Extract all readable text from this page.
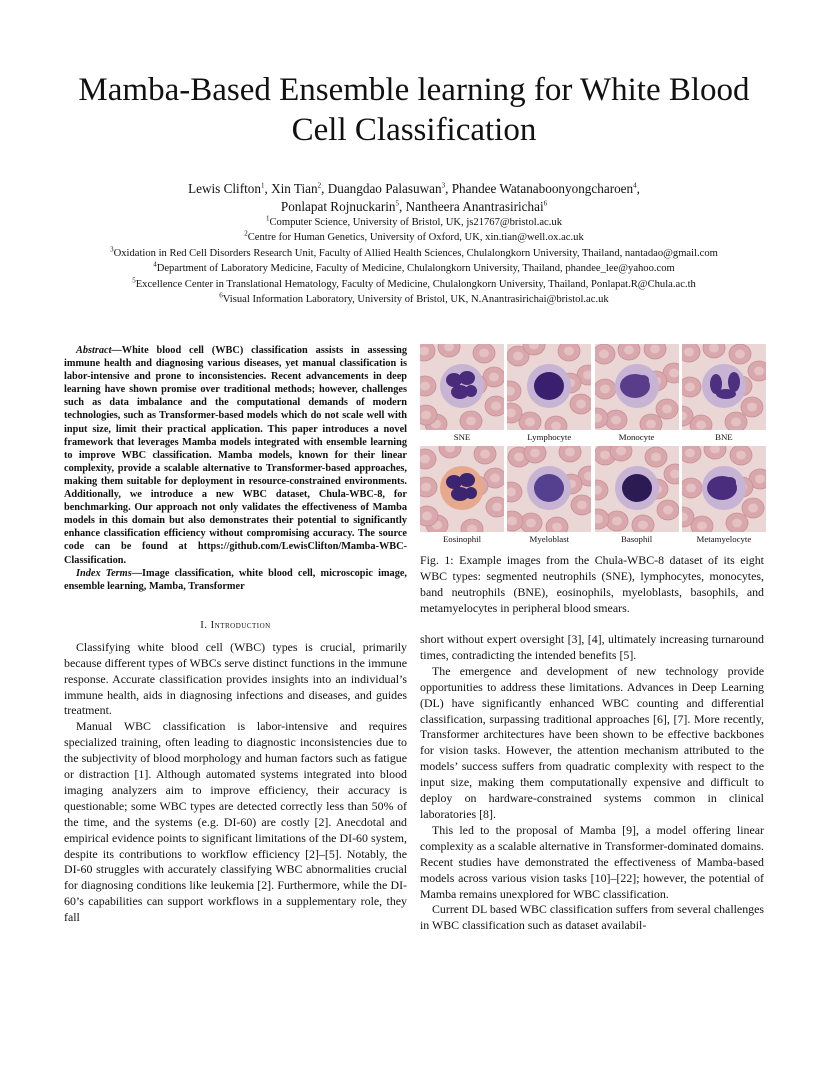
Mamba-Based Ensemble learning for White Blood
Cell Classification
Lewis Clifton$^1$, Xin Tian$^2$, Duangdao Palasuwan$^3$, Phandee Watanaboonyongcharoen$^4$,
Ponlapat Rojnuckarin$^5$, Nantheera Anantrasirichai$^6$
$^1$Computer Science, University of Bristol, UK, js21767@bristol.ac.uk
$^2$Centre for Human Genetics, University of Oxford, UK, xin.tian@well.ox.ac.uk
$^3$Oxidation in Red Cell Disorders Research Unit, Faculty of Allied Health Sciences, Chulalongkorn University, Thailand, nantadao@gmail.com
$^4$Department of Laboratory Medicine, Faculty of Medicine, Chulalongkorn University, Thailand, phandee_lee@yahoo.com
$^5$Excellence Center in Translational Hematology, Faculty of Medicine, Chulalongkorn University, Thailand, Ponlapat.R@Chula.ac.th
$^6$Visual Information Laboratory, University of Bristol, UK, N.Anantrasirichai@bristol.ac.uk

Abstract—White blood cell (WBC) classification assists in assessing immune health and diagnosing various diseases, yet manual classification is labor-intensive and prone to inconsistencies. Recent advancements in deep learning have shown promise over traditional methods; however, challenges such as data imbalance and the computational demands of modern technologies, such as Transformer-based models which do not scale well with input size, limit their practical application. This paper introduces a novel framework that leverages Mamba models integrated with ensemble learning to improve WBC classification. Mamba models, known for their linear complexity, provide a scalable alternative to Transformer-based approaches, making them suitable for deployment in resource-constrained environments. Additionally, we introduce a new WBC dataset, Chula-WBC-8, for benchmarking. Our approach not only validates the effectiveness of Mamba models in this domain but also demonstrates their potential to significantly enhance classification efficiency without compromising accuracy. The source code can be found at https://github.com/LewisClifton/Mamba-WBC-Classification.

Index Terms—Image classification, white blood cell, microscopic image, ensemble learning, Mamba, Transformer

I. Introduction

Classifying white blood cell (WBC) types is crucial, primarily because different types of WBCs serve distinct functions in the immune response. Accurate classification provides insights into an individual’s immune health, aids in diagnosing infections and diseases, and guides treatment.

Manual WBC classification is labor-intensive and requires specialized training, often leading to diagnostic inconsistencies due to the subjectivity of blood morphology and human factors such as fatigue or distraction [1]. Although automated systems integrated into blood imaging analyzers aim to improve efficiency, their accuracy is questionable; some WBC types are detected correctly less than 50% of the time, and the systems (e.g. DI-60) are costly [2]. Anecdotal and empirical evidence points to significant limitations of the DI-60 system, despite its contributions to workflow efficiency [2]–[5]. Notably, the DI-60 struggles with accurately classifying WBC abnormalities crucial for diagnosing conditions like leukemia [2]. Furthermore, while the DI-60’s capabilities can support workflows in a supplementary role, they fall

SNE	Lymphocyte	Monocyte	BNE
Eosinophil	Myeloblast	Basophil	Metamyelocyte

Fig. 1: Example images from the Chula-WBC-8 dataset of its eight WBC types: segmented neutrophils (SNE), lymphocytes, monocytes, band neutrophils (BNE), eosinophils, myeloblasts, basophils, and metamyelocytes in peripheral blood smears.

short without expert oversight [3], [4], ultimately increasing turnaround times, contradicting the intended benefits [5].

The emergence and development of new technology provide opportunities to address these limitations. Advances in Deep Learning (DL) have significantly enhanced WBC counting and differential classification, surpassing traditional approaches [6], [7]. More recently, Transformer architectures have been shown to be effective backbones for vision tasks. However, the attention mechanism attributed to the models’ success suffers from quadratic complexity with respect to the input size, making them computationally expensive and difficult to deploy on hardware-constrained systems common in clinical laboratories [8].

This led to the proposal of Mamba [9], a model offering linear complexity as a scalable alternative in Transformer-dominated domains. Recent studies have demonstrated the effectiveness of Mamba-based models across various vision tasks [10]–[22]; however, the potential of Mamba remains unexplored for WBC classification.

Current DL based WBC classification suffers from several challenges in WBC classification such as dataset availabil-
